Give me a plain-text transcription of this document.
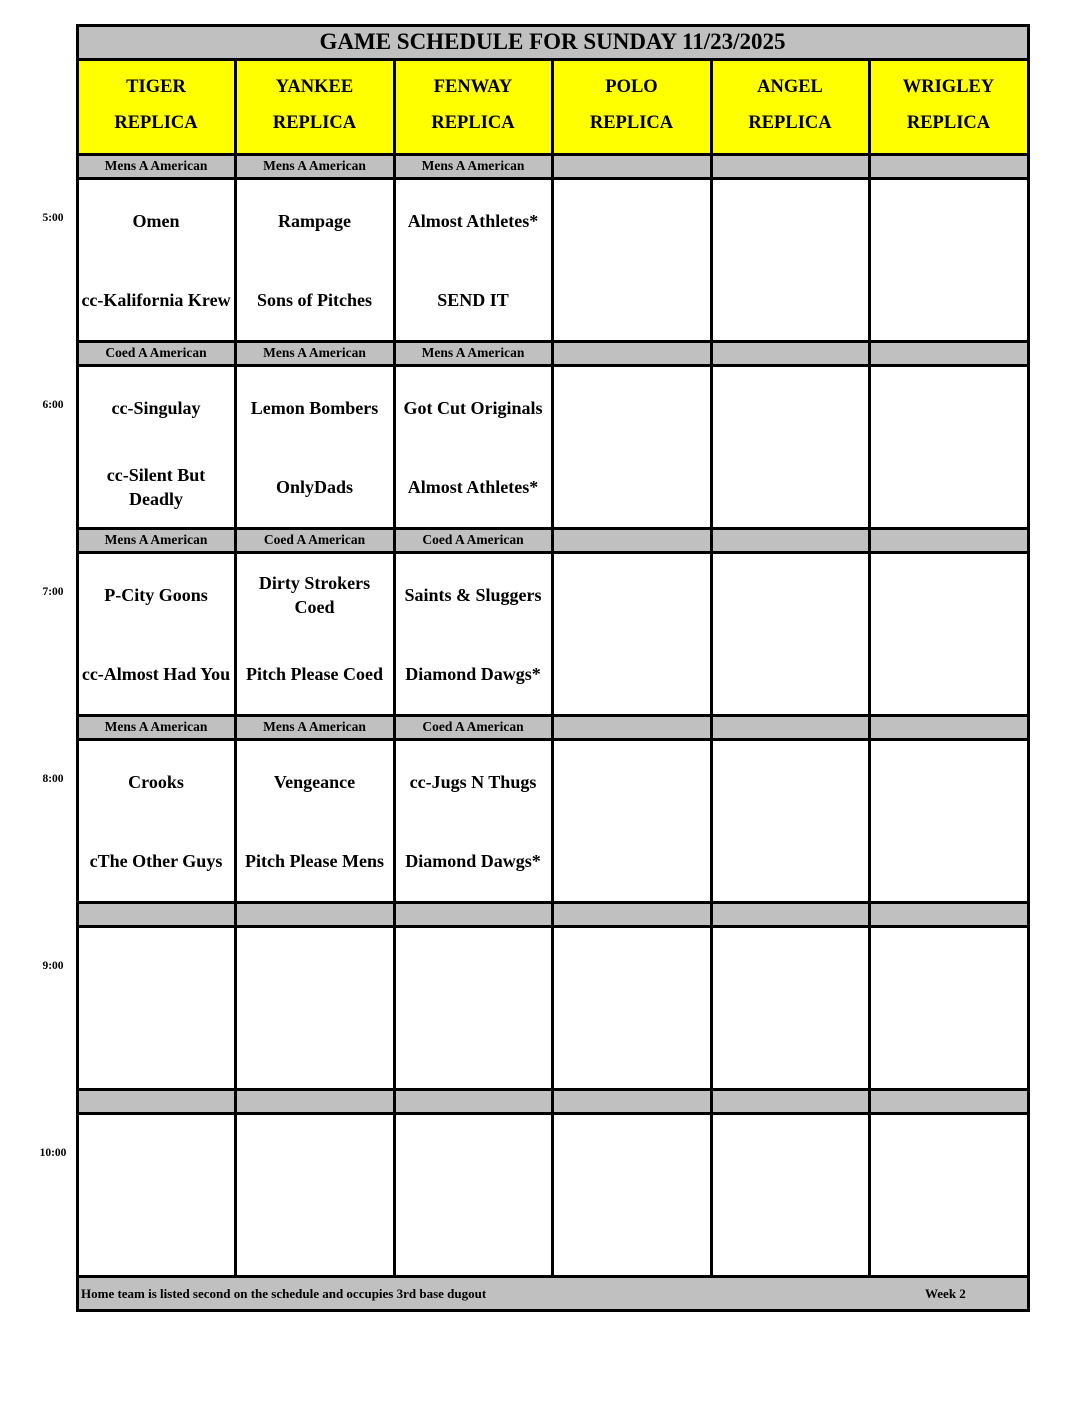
GAME SCHEDULE FOR SUNDAY 11/23/2025
TIGER
REPLICA
YANKEE
REPLICA
FENWAY
REPLICA
POLO
REPLICA
ANGEL
REPLICA
WRIGLEY
REPLICA
5:00
Mens A American
Omen
cc-Kalifornia Krew
Mens A American
Rampage
Sons of Pitches
Mens A American
Almost Athletes*
SEND IT
6:00
Coed A American
cc-Singulay
cc-Silent But Deadly
Mens A American
Lemon Bombers
OnlyDads
Mens A American
Got Cut Originals
Almost Athletes*
7:00
Mens A American
P-City Goons
cc-Almost Had You
Coed A American
Dirty Strokers Coed
Pitch Please Coed
Coed A American
Saints & Sluggers
Diamond Dawgs*
8:00
Mens A American
Crooks
cThe Other Guys
Mens A American
Vengeance
Pitch Please Mens
Coed A American
cc-Jugs N Thugs
Diamond Dawgs*
9:00
10:00
Home team is listed second on the schedule and occupies 3rd base dugout	Week 2
